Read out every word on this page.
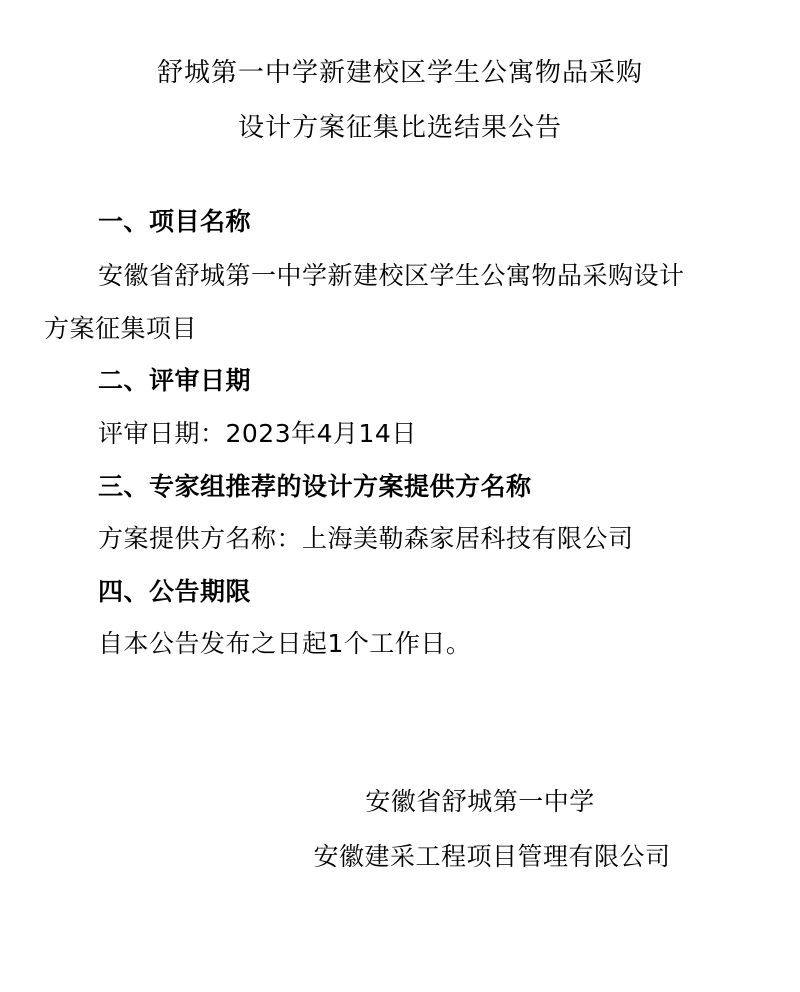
舒城第一中学新建校区学生公寓物品采购
设计方案征集比选结果公告
一、项目名称
安徽省舒城第一中学新建校区学生公寓物品采购设计
方案征集项目
二、评审日期
评审日期：2023年4月14日
三、专家组推荐的设计方案提供方名称
方案提供方名称：上海美勒森家居科技有限公司
四、公告期限
自本公告发布之日起1个工作日。
安徽省舒城第一中学
安徽建采工程项目管理有限公司
